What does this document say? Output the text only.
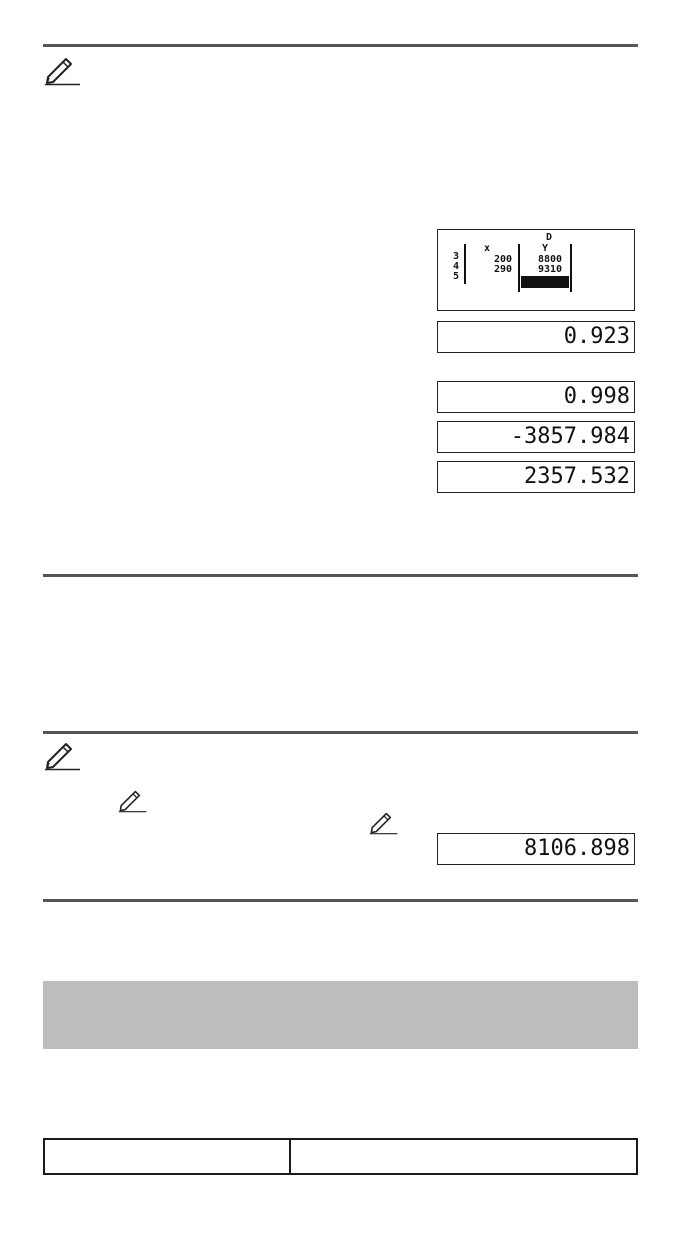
D
3
4
5
x
200
290
Y
8800
9310
0.923
0.998
-3857.984
2357.532
8106.898
